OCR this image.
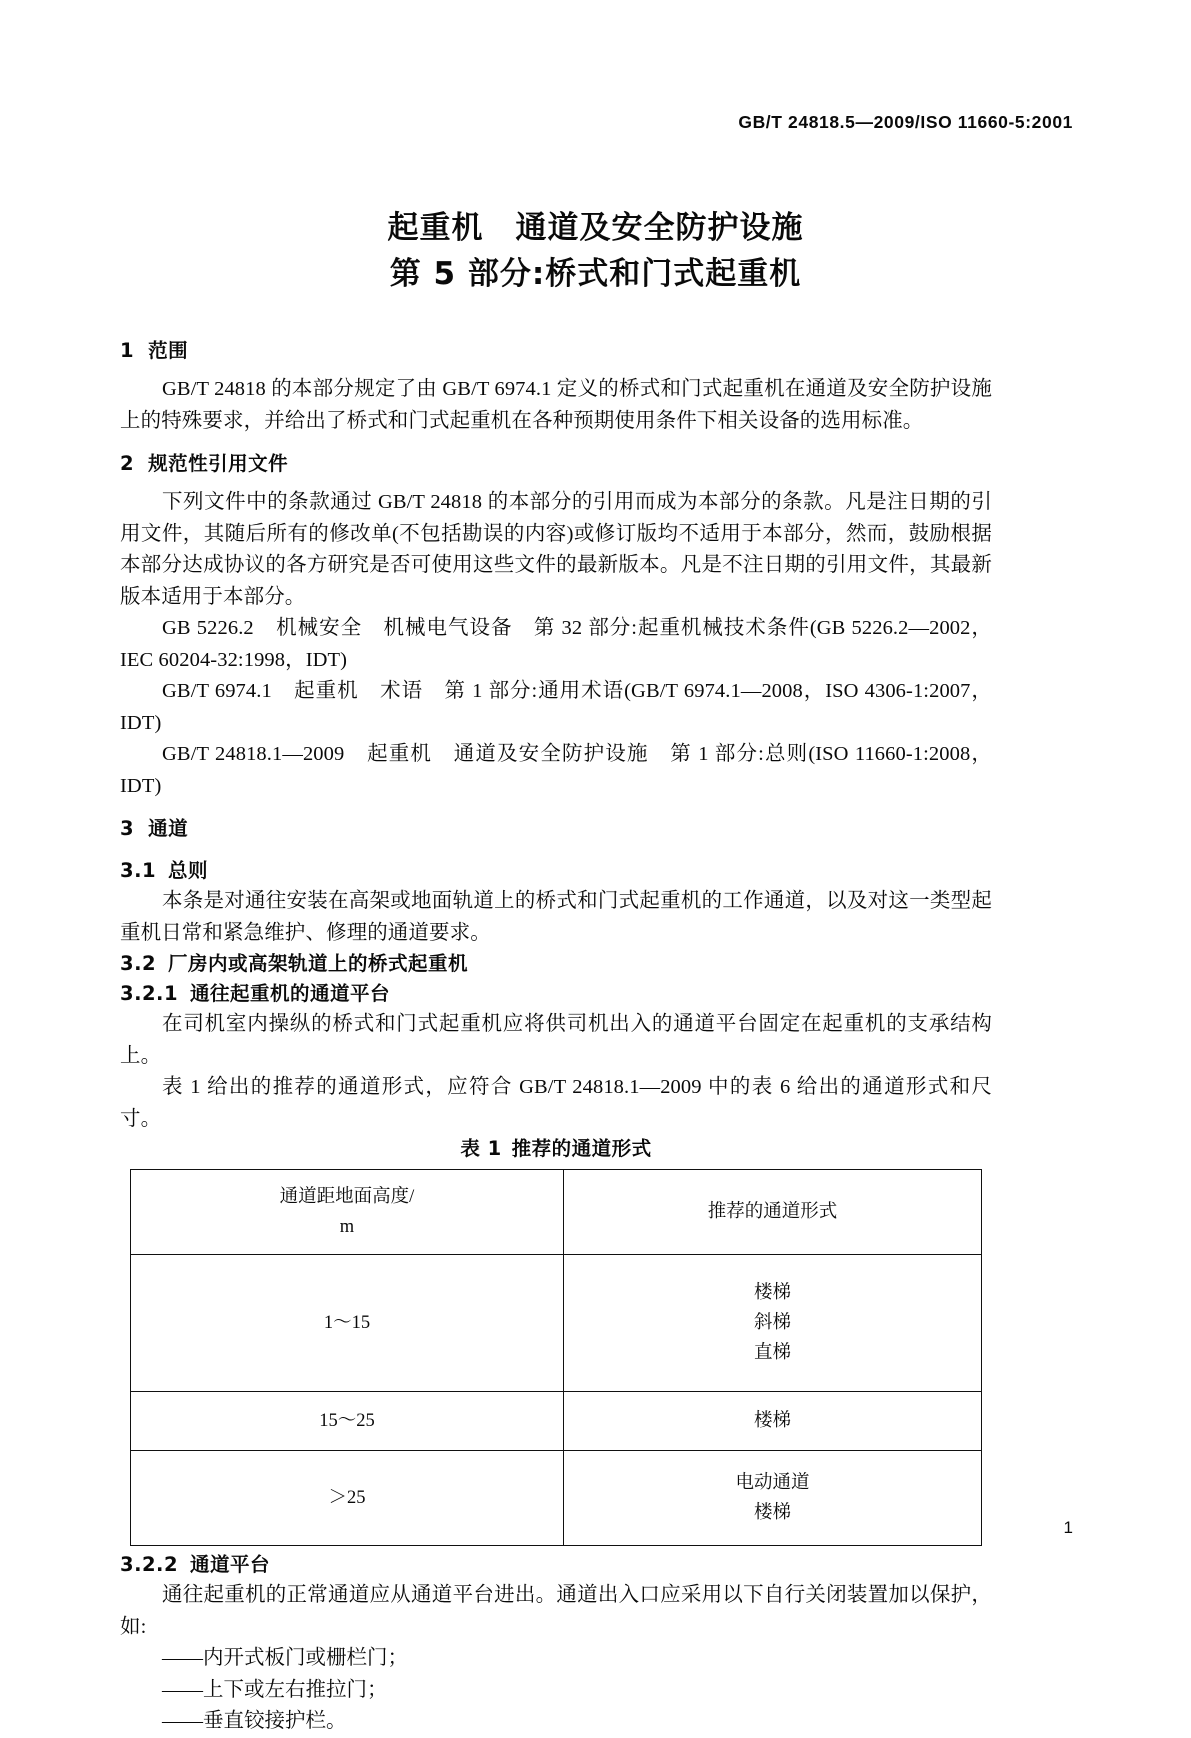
GB/T 24818.5—2009/ISO 11660-5:2001
起重机　通道及安全防护设施
第 5 部分:桥式和门式起重机
1 范围

GB/T 24818 的本部分规定了由 GB/T 6974.1 定义的桥式和门式起重机在通道及安全防护设施上的特殊要求，并给出了桥式和门式起重机在各种预期使用条件下相关设备的选用标准。

2 规范性引用文件

下列文件中的条款通过 GB/T 24818 的本部分的引用而成为本部分的条款。凡是注日期的引用文件，其随后所有的修改单(不包括勘误的内容)或修订版均不适用于本部分，然而，鼓励根据本部分达成协议的各方研究是否可使用这些文件的最新版本。凡是不注日期的引用文件，其最新版本适用于本部分。

GB 5226.2　机械安全　机械电气设备　第 32 部分:起重机械技术条件(GB 5226.2—2002，IEC 60204-32:1998，IDT)

GB/T 6974.1　起重机　术语　第 1 部分:通用术语(GB/T 6974.1—2008，ISO 4306-1:2007，IDT)

GB/T 24818.1—2009　起重机　通道及安全防护设施　第 1 部分:总则(ISO 11660-1:2008，IDT)

3 通道
3.1 总则

本条是对通往安装在高架或地面轨道上的桥式和门式起重机的工作通道，以及对这一类型起重机日常和紧急维护、修理的通道要求。

3.2 厂房内或高架轨道上的桥式起重机
3.2.1 通往起重机的通道平台

在司机室内操纵的桥式和门式起重机应将供司机出入的通道平台固定在起重机的支承结构上。

表 1 给出的推荐的通道形式，应符合 GB/T 24818.1—2009 中的表 6 给出的通道形式和尺寸。

表 1 推荐的通道形式
通道距地面高度/
m	推荐的通道形式
1～15	楼梯
斜梯
直梯

15～25	楼梯

＞25	电动通道
楼梯
3.2.2 通道平台

通往起重机的正常通道应从通道平台进出。通道出入口应采用以下自行关闭装置加以保护，如:

——内开式板门或栅栏门；

——上下或左右推拉门；

——垂直铰接护栏。

1
